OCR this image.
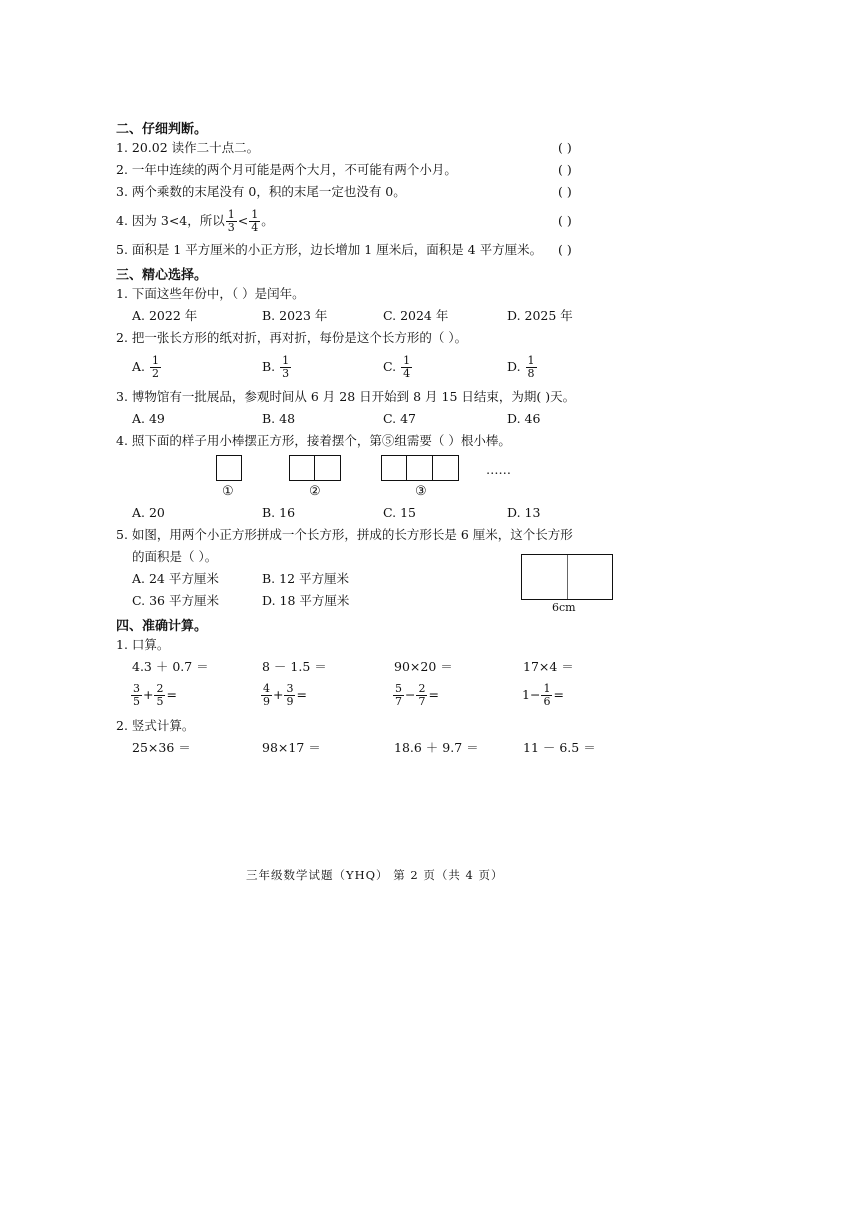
二、仔细判断。
1. 20.02 读作二十点二。	( )
2. 一年中连续的两个月可能是两个大月，不可能有两个小月。	( )
3. 两个乘数的末尾没有 0，积的末尾一定也没有 0。	( )
4. 因为 3<4，所以 $\frac{1}{3} < \frac{1}{4}$ 。	( )
5. 面积是 1 平方厘米的小正方形，边长增加 1 厘米后，面积是 4 平方厘米。 ( )
三、精心选择。
1. 下面这些年份中，（ ）是闰年。
A. 2022 年	B. 2023 年	C. 2024 年	D. 2025 年
2. 把一张长方形的纸对折，再对折，每份是这个长方形的（ ）。
A. $\frac{1}{2}$	B. $\frac{1}{3}$	C. $\frac{1}{4}$	D. $\frac{1}{8}$
3. 博物馆有一批展品，参观时间从 6 月 28 日开始到 8 月 15 日结束，为期( )天。
A. 49	B. 48	C. 47	D. 46
4. 照下面的样子用小棒摆正方形，接着摆个，第⑤组需要（ ）根小棒。
①	②	③
……
A. 20	B. 16	C. 15	D. 13
5. 如图，用两个小正方形拼成一个长方形，拼成的长方形长是 6 厘米，这个长方形
的面积是（ ）。
A. 24 平方厘米	B. 12 平方厘米
C. 36 平方厘米	D. 18 平方厘米	6cm
四、准确计算。
1. 口算。
4.3 ＋ 0.7 ＝	8 － 1.5 ＝	90×20 ＝	17×4 ＝
$\frac{3}{5} + \frac{2}{5}$ =	$\frac{4}{9} + \frac{3}{9}$ =	$\frac{5}{7} - \frac{2}{7}$ =	$1- \frac{1}{6}$ =
2. 竖式计算。
25×36 ＝	98×17 ＝	18.6 ＋ 9.7 ＝	11 － 6.5 ＝
三年级数学试题（YHQ） 第 2 页（共 4 页）
